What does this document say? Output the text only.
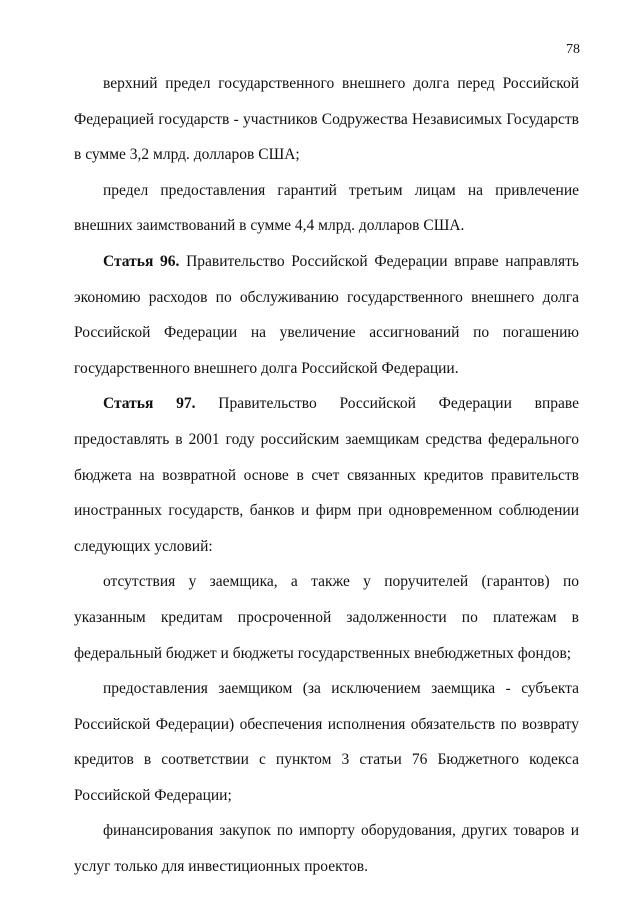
78

верхний предел государственного внешнего долга перед Российской Федерацией государств - участников Содружества Независимых Государств в сумме 3,2 млрд. долларов США;

предел предоставления гарантий третьим лицам на привлечение внешних заимствований в сумме 4,4 млрд. долларов США.

Статья 96. Правительство Российской Федерации вправе направлять экономию расходов по обслуживанию государственного внешнего долга Российской Федерации на увеличение ассигнований по погашению государственного внешнего долга Российской Федерации.

Статья 97. Правительство Российской Федерации вправе предоставлять в 2001 году российским заемщикам средства федерального бюджета на возвратной основе в счет связанных кредитов правительств иностранных государств, банков и фирм при одновременном соблюдении следующих условий:

отсутствия у заемщика, а также у поручителей (гарантов) по указанным кредитам просроченной задолженности по платежам в федеральный бюджет и бюджеты государственных внебюджетных фондов;

предоставления заемщиком (за исключением заемщика - субъекта Российской Федерации) обеспечения исполнения обязательств по возврату кредитов в соответствии с пунктом 3 статьи 76 Бюджетного кодекса Российской Федерации;

финансирования закупок по импорту оборудования, других товаров и услуг только для инвестиционных проектов.
